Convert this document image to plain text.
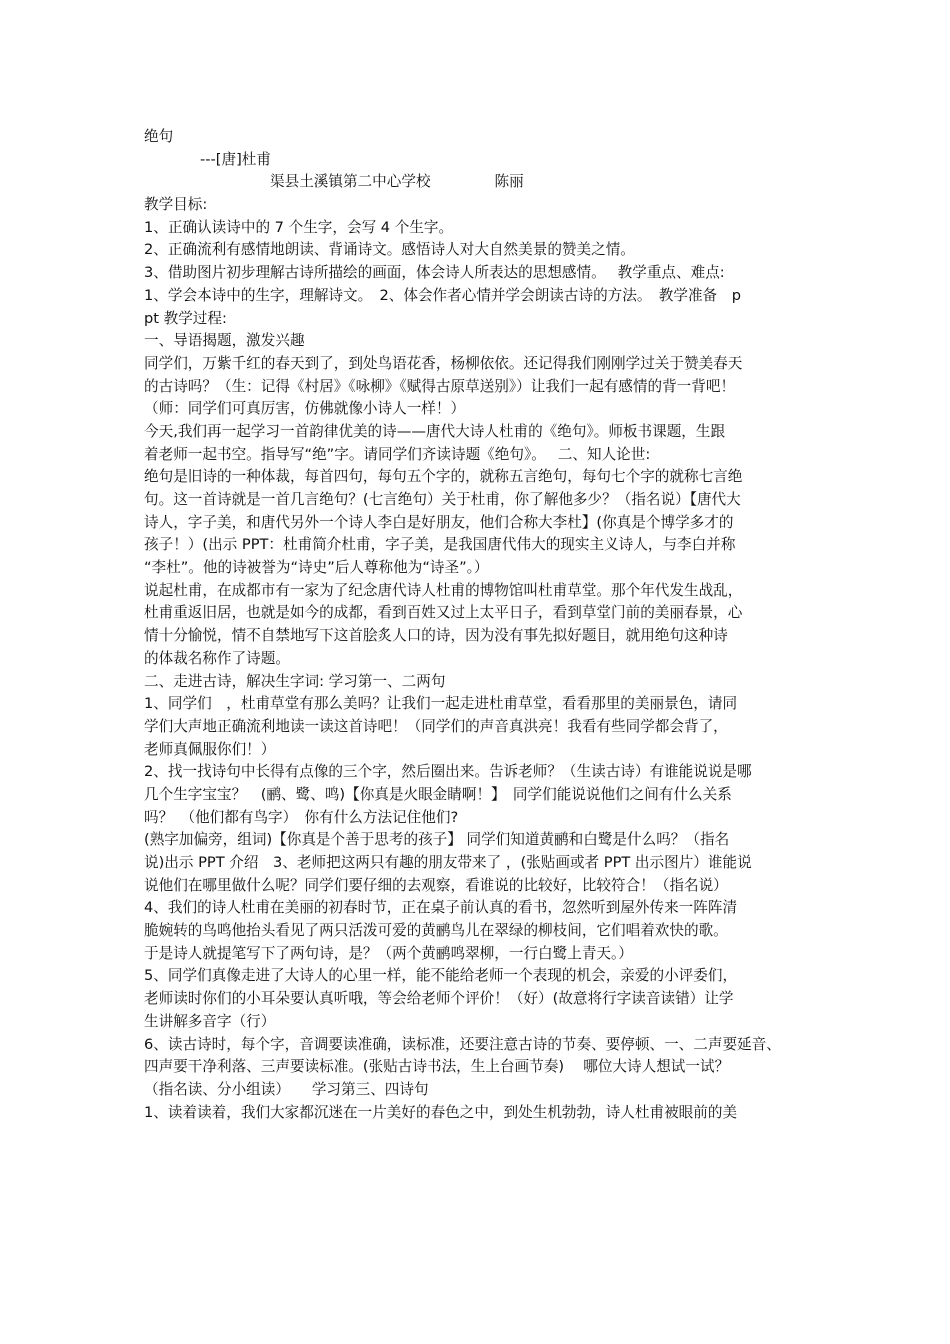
绝句
---[唐]杜甫
渠县土溪镇第二中心学校	陈丽
教学目标:
1、正确认读诗中的 7 个生字，会写 4 个生字。
2、正确流利有感情地朗读、背诵诗文。感悟诗人对大自然美景的赞美之情。
3、借助图片初步理解古诗所描绘的画面，体会诗人所表达的思想感情。　 教学重点、难点:
1、学会本诗中的生字，理解诗文。　2、体会作者心情并学会朗读古诗的方法。　教学准备　p
pt 教学过程:
一、导语揭题，激发兴趣
同学们，万紫千红的春天到了，到处鸟语花香，杨柳依依。还记得我们刚刚学过关于赞美春天
的古诗吗？（生：记得《村居》《咏柳》《赋得古原草送别》）让我们一起有感情的背一背吧！
（师：同学们可真厉害，仿佛就像小诗人一样！）
今天,我们再一起学习一首韵律优美的诗——唐代大诗人杜甫的《绝句》。师板书课题，生跟
着老师一起书空。指导写“绝”字。请同学们齐读诗题《绝句》。　 二、知人论世:
绝句是旧诗的一种体裁，每首四句，每句五个字的，就称五言绝句，每句七个字的就称七言绝
句。这一首诗就是一首几言绝句？(七言绝句）关于杜甫，你了解他多少？（指名说）【唐代大
诗人，字子美，和唐代另外一个诗人李白是好朋友，他们合称大李杜】(你真是个博学多才的
孩子！）(出示 PPT：杜甫简介杜甫，字子美，是我国唐代伟大的现实主义诗人，与李白并称
“李杜”。他的诗被誉为“诗史”后人尊称他为“诗圣”。）
说起杜甫，在成都市有一家为了纪念唐代诗人杜甫的博物馆叫杜甫草堂。那个年代发生战乱，
杜甫重返旧居，也就是如今的成都，看到百姓又过上太平日子，看到草堂门前的美丽春景，心
情十分愉悦，情不自禁地写下这首脍炙人口的诗，因为没有事先拟好题目，就用绝句这种诗
的体裁名称作了诗题。
二、走进古诗，解决生字词: 学习第一、二两句
1、同学们　，杜甫草堂有那么美吗？让我们一起走进杜甫草堂，看看那里的美丽景色，请同
学们大声地正确流利地读一读这首诗吧！（同学们的声音真洪亮！我看有些同学都会背了，
老师真佩服你们！）
2、找一找诗句中长得有点像的三个字，然后圈出来。告诉老师？（生读古诗）有谁能说说是哪
几个生字宝宝？　(鹂、鹭、鸣)【你真是火眼金睛啊！】　同学们能说说他们之间有什么关系
吗？　（他们都有鸟字）　你有什么方法记住他们?
(熟字加偏旁，组词)【你真是个善于思考的孩子】 同学们知道黄鹂和白鹭是什么吗？（指名
说)出示 PPT 介绍　3、老师把这两只有趣的朋友带来了 ，(张贴画或者 PPT 出示图片）谁能说
说他们在哪里做什么呢？同学们要仔细的去观察，看谁说的比较好，比较符合！（指名说）
4、我们的诗人杜甫在美丽的初春时节，正在桌子前认真的看书，忽然听到屋外传来一阵阵清
脆婉转的鸟鸣他抬头看见了两只活泼可爱的黄鹂鸟儿在翠绿的柳枝间，它们唱着欢快的歌。
于是诗人就提笔写下了两句诗，是？（两个黄鹂鸣翠柳，一行白鹭上青天。）
5、同学们真像走进了大诗人的心里一样，能不能给老师一个表现的机会，亲爱的小评委们，
老师读时你们的小耳朵要认真听哦，等会给老师个评价！（好）(故意将行字读音读错）让学
生讲解多音字（行）
6、读古诗时，每个字，音调要读准确，读标准，还要注意古诗的节奏、要停顿、一、二声要延音、
四声要干净利落、三声要读标准。(张贴古诗书法，生上台画节奏)　 哪位大诗人想试一试？
（指名读、分小组读）　　学习第三、四诗句
1、读着读着，我们大家都沉迷在一片美好的春色之中，到处生机勃勃，诗人杜甫被眼前的美
